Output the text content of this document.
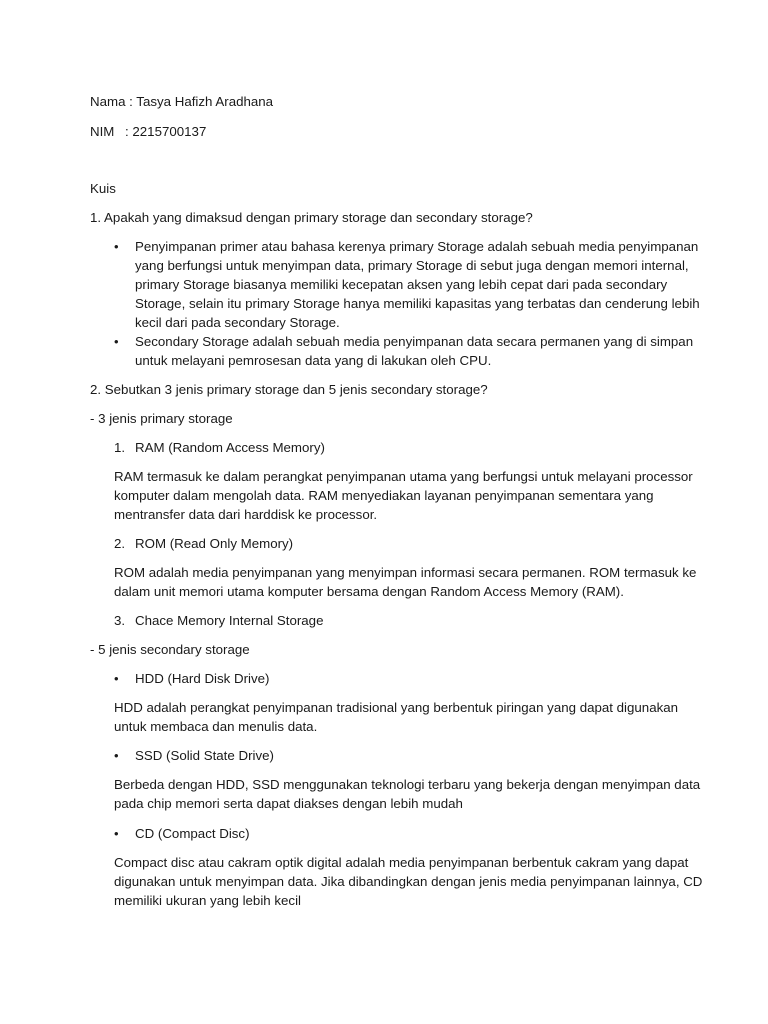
Nama : Tasya Hafizh Aradhana
NIM : 2215700137
Kuis
1. Apakah yang dimaksud dengan primary storage dan secondary storage?
• Penyimpanan primer atau bahasa kerenya primary Storage adalah sebuah media penyimpanan
yang berfungsi untuk menyimpan data, primary Storage di sebut juga dengan memori internal,
primary Storage biasanya memiliki kecepatan aksen yang lebih cepat dari pada secondary
Storage, selain itu primary Storage hanya memiliki kapasitas yang terbatas dan cenderung lebih
kecil dari pada secondary Storage.
• Secondary Storage adalah sebuah media penyimpanan data secara permanen yang di simpan
untuk melayani pemrosesan data yang di lakukan oleh CPU.
2. Sebutkan 3 jenis primary storage dan 5 jenis secondary storage?
- 3 jenis primary storage
1. RAM (Random Access Memory)
RAM termasuk ke dalam perangkat penyimpanan utama yang berfungsi untuk melayani processor
komputer dalam mengolah data. RAM menyediakan layanan penyimpanan sementara yang
mentransfer data dari harddisk ke processor.
2. ROM (Read Only Memory)
ROM adalah media penyimpanan yang menyimpan informasi secara permanen. ROM termasuk ke
dalam unit memori utama komputer bersama dengan Random Access Memory (RAM).
3. Chace Memory Internal Storage
- 5 jenis secondary storage
• HDD (Hard Disk Drive)
HDD adalah perangkat penyimpanan tradisional yang berbentuk piringan yang dapat digunakan
untuk membaca dan menulis data.
• SSD (Solid State Drive)
Berbeda dengan HDD, SSD menggunakan teknologi terbaru yang bekerja dengan menyimpan data
pada chip memori serta dapat diakses dengan lebih mudah
• CD (Compact Disc)
Compact disc atau cakram optik digital adalah media penyimpanan berbentuk cakram yang dapat
digunakan untuk menyimpan data. Jika dibandingkan dengan jenis media penyimpanan lainnya, CD
memiliki ukuran yang lebih kecil
